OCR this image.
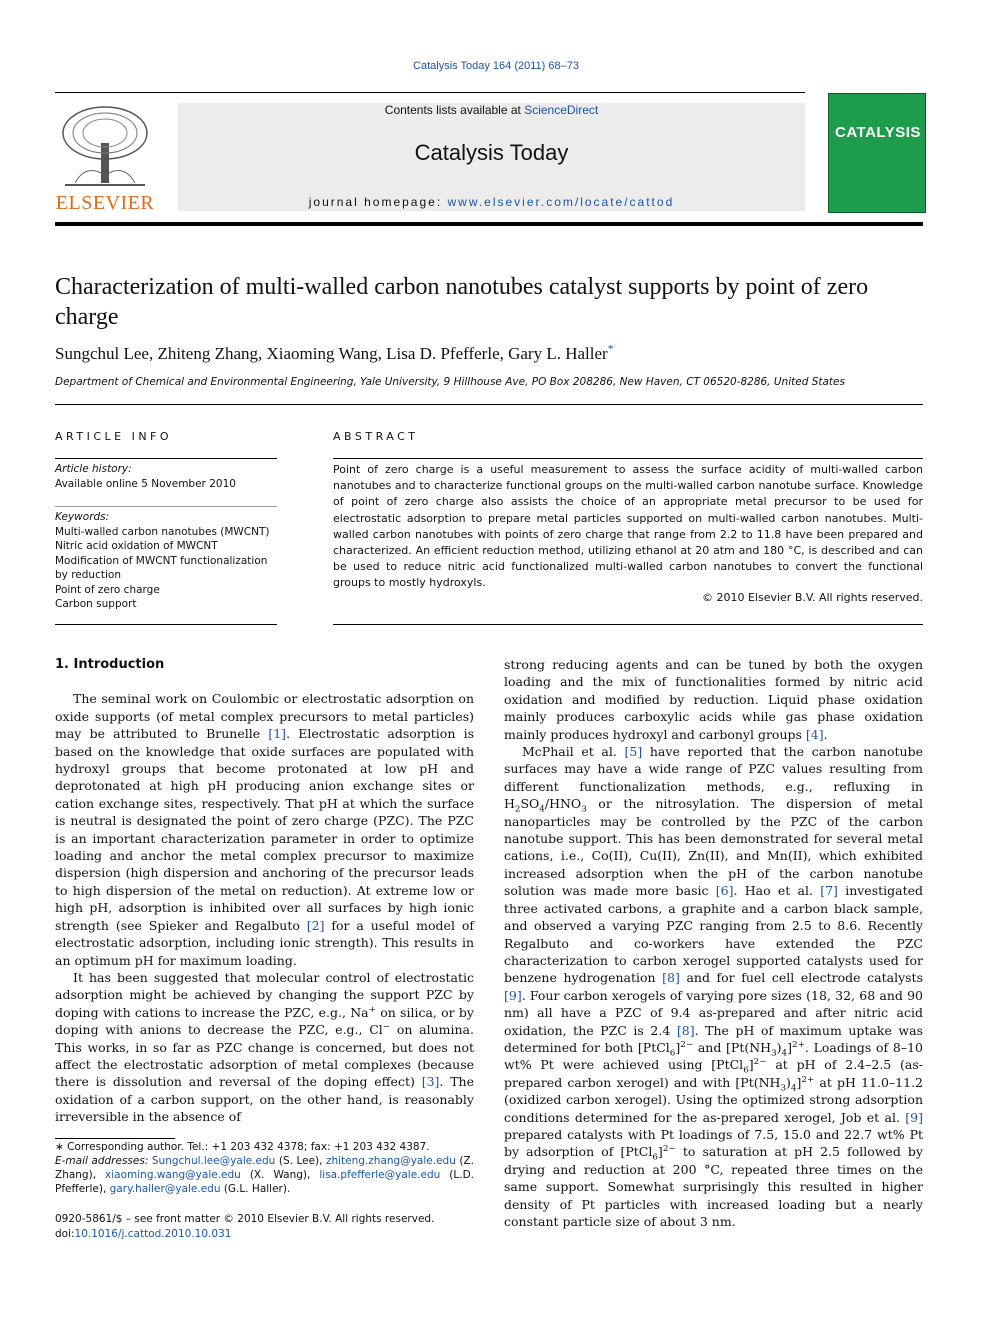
Catalysis Today 164 (2011) 68–73
ELSEVIER
Contents lists available at ScienceDirect
Catalysis Today
journal homepage: www.elsevier.com/locate/cattod
CATALYSIS
Characterization of multi-walled carbon nanotubes catalyst supports by point of zero charge
Sungchul Lee, Zhiteng Zhang, Xiaoming Wang, Lisa D. Pfefferle, Gary L. Haller*
Department of Chemical and Environmental Engineering, Yale University, 9 Hillhouse Ave, PO Box 208286, New Haven, CT 06520-8286, United States
ARTICLE INFO	ABSTRACT
Article history:
Available online 5 November 2010
Keywords:
Multi-walled carbon nanotubes (MWCNT)
Nitric acid oxidation of MWCNT
Modification of MWCNT functionalization by reduction
Point of zero charge
Carbon support
Point of zero charge is a useful measurement to assess the surface acidity of multi-walled carbon nanotubes and to characterize functional groups on the multi-walled carbon nanotube surface. Knowledge of point of zero charge also assists the choice of an appropriate metal precursor to be used for electrostatic adsorption to prepare metal particles supported on multi-walled carbon nanotubes. Multi-walled carbon nanotubes with points of zero charge that range from 2.2 to 11.8 have been prepared and characterized. An efficient reduction method, utilizing ethanol at 20 atm and 180 °C, is described and can be used to reduce nitric acid functionalized multi-walled carbon nanotubes to convert the functional groups to mostly hydroxyls.
© 2010 Elsevier B.V. All rights reserved.
1. Introduction

The seminal work on Coulombic or electrostatic adsorption on oxide supports (of metal complex precursors to metal particles) may be attributed to Brunelle [1]. Electrostatic adsorption is based on the knowledge that oxide surfaces are populated with hydroxyl groups that become protonated at low pH and deprotonated at high pH producing anion exchange sites or cation exchange sites, respectively. That pH at which the surface is neutral is designated the point of zero charge (PZC). The PZC is an important characterization parameter in order to optimize loading and anchor the metal complex precursor to maximize dispersion (high dispersion and anchoring of the precursor leads to high dispersion of the metal on reduction). At extreme low or high pH, adsorption is inhibited over all surfaces by high ionic strength (see Spieker and Regalbuto [2] for a useful model of electrostatic adsorption, including ionic strength). This results in an optimum pH for maximum loading.

It has been suggested that molecular control of electrostatic adsorption might be achieved by changing the support PZC by doping with cations to increase the PZC, e.g., Na+ on silica, or by doping with anions to decrease the PZC, e.g., Cl− on alumina. This works, in so far as PZC change is concerned, but does not affect the electrostatic adsorption of metal complexes (because there is dissolution and reversal of the doping effect) [3]. The oxidation of a carbon support, on the other hand, is reasonably irreversible in the absence of

strong reducing agents and can be tuned by both the oxygen loading and the mix of functionalities formed by nitric acid oxidation and modified by reduction. Liquid phase oxidation mainly produces carboxylic acids while gas phase oxidation mainly produces hydroxyl and carbonyl groups [4].

McPhail et al. [5] have reported that the carbon nanotube surfaces may have a wide range of PZC values resulting from different functionalization methods, e.g., refluxing in $H_2SO_4/HNO_3$ or the nitrosylation. The dispersion of metal nanoparticles may be controlled by the PZC of the carbon nanotube support. This has been demonstrated for several metal cations, i.e., Co(II), Cu(II), Zn(II), and Mn(II), which exhibited increased adsorption when the pH of the carbon nanotube solution was made more basic [6]. Hao et al. [7] investigated three activated carbons, a graphite and a carbon black sample, and observed a varying PZC ranging from 2.5 to 8.6. Recently Regalbuto and co-workers have extended the PZC characterization to carbon xerogel supported catalysts used for benzene hydrogenation [8] and for fuel cell electrode catalysts [9]. Four carbon xerogels of varying pore sizes (18, 32, 68 and 90 nm) all have a PZC of 9.4 as-prepared and after nitric acid oxidation, the PZC is 2.4 [8]. The pH of maximum uptake was determined for both [PtCl$_6$]$^{2-}$ and $[Pt(NH_3)_4]^{2+}$. Loadings of 8–10 wt% Pt were achieved using [PtCl$_6$]$^{2-}$ at pH of 2.4–2.5 (as-prepared carbon xerogel) and with $[Pt(NH_3)_4]^{2+}$ at pH 11.0–11.2 (oxidized carbon xerogel). Using the optimized strong adsorption conditions determined for the as-prepared xerogel, Job et al. [9] prepared catalysts with Pt loadings of 7.5, 15.0 and 22.7 wt% Pt by adsorption of [PtCl$_6$]$^{2-}$ to saturation at pH 2.5 followed by drying and reduction at 200 °C, repeated three times on the same support. Somewhat surprisingly this resulted in higher density of Pt particles with increased loading but a nearly constant particle size of about 3 nm.

∗ Corresponding author. Tel.: +1 203 432 4378; fax: +1 203 432 4387.
E-mail addresses: Sungchul.lee@yale.edu (S. Lee), zhiteng.zhang@yale.edu (Z. Zhang), xiaoming.wang@yale.edu (X. Wang), lisa.pfefferle@yale.edu (L.D. Pfefferle), gary.haller@yale.edu (G.L. Haller).
0920-5861/$ – see front matter © 2010 Elsevier B.V. All rights reserved.
doi:10.1016/j.cattod.2010.10.031
